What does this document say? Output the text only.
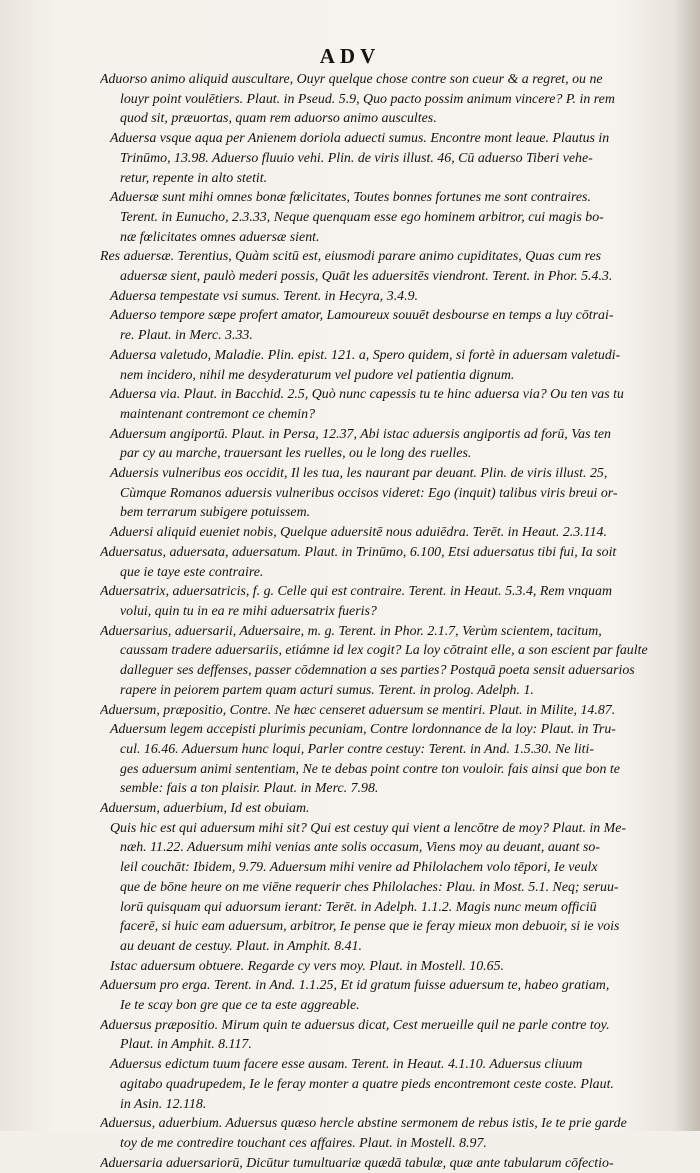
ADV
Aduorso animo aliquid auscultare, Ouyr quelque chose contre son cueur & a regret, ou ne
louyr point voulētiers. Plaut. in Pseud. 5.9, Quo pacto possim animum vincere? P. in rem
quod sit, præuortas, quam rem aduorso animo auscultes.
Aduersa vsque aqua per Anienem doriola aduecti sumus. Encontre mont leaue. Plautus in
Trinūmo, 13.98. Aduerso fluuio vehi. Plin. de viris illust. 46, Cū aduerso Tiberi vehe-
retur, repente in alto stetit.
Aduersæ sunt mihi omnes bonæ fœlicitates, Toutes bonnes fortunes me sont contraires.
Terent. in Eunucho, 2.3.33, Neque quenquam esse ego hominem arbitror, cui magis bo-
næ fœlicitates omnes aduersæ sient.
Res aduersæ. Terentius, Quàm scitū est, eiusmodi parare animo cupiditates, Quas cum res
aduersæ sient, paulò mederi possis, Quāt les aduersitēs viendront. Terent. in Phor. 5.4.3.
Aduersa tempestate vsi sumus. Terent. in Hecyra, 3.4.9.
Aduerso tempore sæpe profert amator, Lamoureux souuēt desbourse en temps a luy cōtrai-
re. Plaut. in Merc. 3.33.
Aduersa valetudo, Maladie. Plin. epist. 121. a, Spero quidem, si fortè in aduersam valetudi-
nem incidero, nihil me desyderaturum vel pudore vel patientia dignum.
Aduersa via. Plaut. in Bacchid. 2.5, Quò nunc capessis tu te hinc aduersa via? Ou ten vas tu
maintenant contremont ce chemin?
Aduersum angiportū. Plaut. in Persa, 12.37, Abi istac aduersis angiportis ad forū, Vas ten
par cy au marche, trauersant les ruelles, ou le long des ruelles.
Aduersis vulneribus eos occidit, Il les tua, les naurant par deuant. Plin. de viris illust. 25,
Cùmque Romanos aduersis vulneribus occisos videret: Ego (inquit) talibus viris breui or-
bem terrarum subigere potuissem.
Aduersi aliquid eueniet nobis, Quelque aduersitē nous aduiēdra. Terēt. in Heaut. 2.3.114.
Aduersatus, aduersata, aduersatum. Plaut. in Trinūmo, 6.100, Etsi aduersatus tibi fui, Ia soit
que ie taye este contraire.
Aduersatrix, aduersatricis, f. g. Celle qui est contraire. Terent. in Heaut. 5.3.4, Rem vnquam
volui, quin tu in ea re mihi aduersatrix fueris?
Aduersarius, aduersarii, Aduersaire, m. g. Terent. in Phor. 2.1.7, Verùm scientem, tacitum,
caussam tradere aduersariis, etiámne id lex cogit? La loy cōtraint elle, a son escient par faulte
dalleguer ses deffenses, passer cōdemnation a ses parties? Postquā poeta sensit aduersarios
rapere in peiorem partem quam acturi sumus. Terent. in prolog. Adelph. 1.
Aduersum, præpositio, Contre. Ne hæc censeret aduersum se mentiri. Plaut. in Milite, 14.87.
Aduersum legem accepisti plurimis pecuniam, Contre lordonnance de la loy: Plaut. in Tru-
cul. 16.46. Aduersum hunc loqui, Parler contre cestuy: Terent. in And. 1.5.30. Ne liti-
ges aduersum animi sententiam, Ne te debas point contre ton vouloir. fais ainsi que bon te
semble: fais a ton plaisir. Plaut. in Merc. 7.98.
Aduersum, aduerbium, Id est obuiam.
Quis hic est qui aduersum mihi sit? Qui est cestuy qui vient a lencōtre de moy? Plaut. in Me-
næh. 11.22. Aduersum mihi venias ante solis occasum, Viens moy au deuant, auant so-
leil couchāt: Ibidem, 9.79. Aduersum mihi venire ad Philolachem volo tēpori, Ie veulx
que de bōne heure on me viēne requerir ches Philolaches: Plau. in Most. 5.1. Neq; seruu-
lorū quisquam qui aduorsum ierant: Terēt. in Adelph. 1.1.2. Magis nunc meum officiū
facerē, si huic eam aduersum, arbitror, Ie pense que ie feray mieux mon debuoir, si ie vois
au deuant de cestuy. Plaut. in Amphit. 8.41.
Istac aduersum obtuere. Regarde cy vers moy. Plaut. in Mostell. 10.65.
Aduersum pro erga. Terent. in And. 1.1.25, Et id gratum fuisse aduersum te, habeo gratiam,
Ie te scay bon gre que ce ta este aggreable.
Aduersus præpositio. Mirum quin te aduersus dicat, Cest merueille quil ne parle contre toy.
Plaut. in Amphit. 8.117.
Aduersus edictum tuum facere esse ausam. Terent. in Heaut. 4.1.10. Aduersus cliuum
agitabo quadrupedem, Ie le feray monter a quatre pieds encontremont ceste coste. Plaut.
in Asin. 12.118.
Aduersus, aduerbium. Aduersus quæso hercle abstine sermonem de rebus istis, Ie te prie garde
toy de me contredire touchant ces affaires. Plaut. in Mostell. 8.97.
Aduersaria aduersariorū, Dicūtur tumultuariæ quædā tabulæ, quæ ante tabularum cōfectio-
